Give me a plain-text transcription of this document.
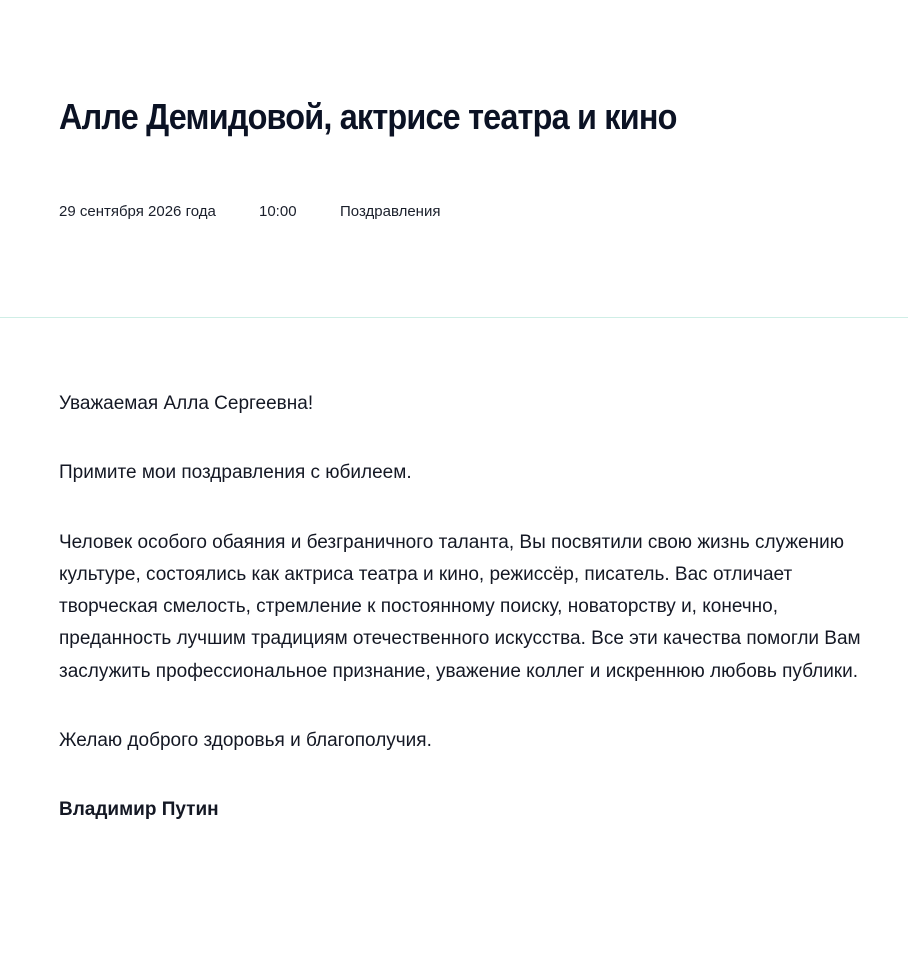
Алле Демидовой, актрисе театра и кино
29 сентября 2026 года	10:00	Поздравления

Уважаемая Алла Сергеевна!

Примите мои поздравления с юбилеем.

Человек особого обаяния и безграничного таланта, Вы посвятили свою жизнь служению культуре, состоялись как актриса театра и кино, режиссёр, писатель. Вас отличает творческая смелость, стремление к постоянному поиску, новаторству и, конечно, преданность лучшим традициям отечественного искусства. Все эти качества помогли Вам заслужить профессиональное признание, уважение коллег и искреннюю любовь публики.

Желаю доброго здоровья и благополучия.

Владимир Путин
